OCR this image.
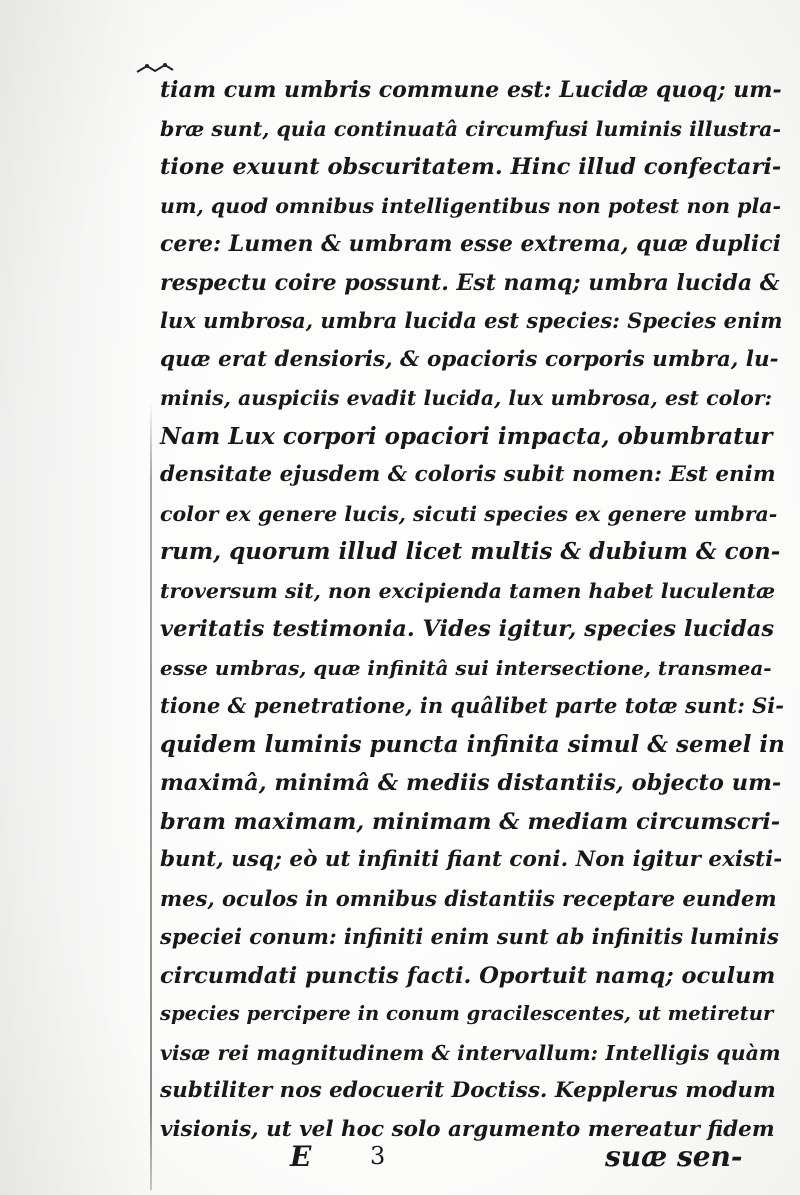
tiam cum umbris commune est: Lucidæ quoq; um-
bræ sunt, quia continuatâ circumfusi luminis illustra-
tione exuunt obscuritatem. Hinc illud confectari-
um, quod omnibus intelligentibus non potest non pla-
cere: Lumen & umbram esse extrema, quæ duplici
respectu coire possunt. Est namq; umbra lucida &
lux umbrosa, umbra lucida est species: Species enim
quæ erat densioris, & opacioris corporis umbra, lu-
minis, auspiciis evadit lucida, lux umbrosa, est color:
Nam Lux corpori opaciori impacta, obumbratur
densitate ejusdem & coloris subit nomen: Est enim
color ex genere lucis, sicuti species ex genere umbra-
rum, quorum illud licet multis & dubium & con-
troversum sit, non excipienda tamen habet luculentæ
veritatis testimonia. Vides igitur, species lucidas
esse umbras, quæ infinitâ sui intersectione, transmea-
tione & penetratione, in quâlibet parte totæ sunt: Si-
quidem luminis puncta infinita simul & semel in
maximâ, minimâ & mediis distantiis, objecto um-
bram maximam, minimam & mediam circumscri-
bunt, usq; eò ut infiniti fiant coni. Non igitur existi-
mes, oculos in omnibus distantiis receptare eundem
speciei conum: infiniti enim sunt ab infinitis luminis
circumdati punctis facti. Oportuit namq; oculum
species percipere in conum gracilescentes, ut metiretur
visæ rei magnitudinem & intervallum: Intelligis quàm
subtiliter nos edocuerit Doctiss. Kepplerus modum
visionis, ut vel hoc solo argumento mereatur fidem
E 3	suæ sen-
